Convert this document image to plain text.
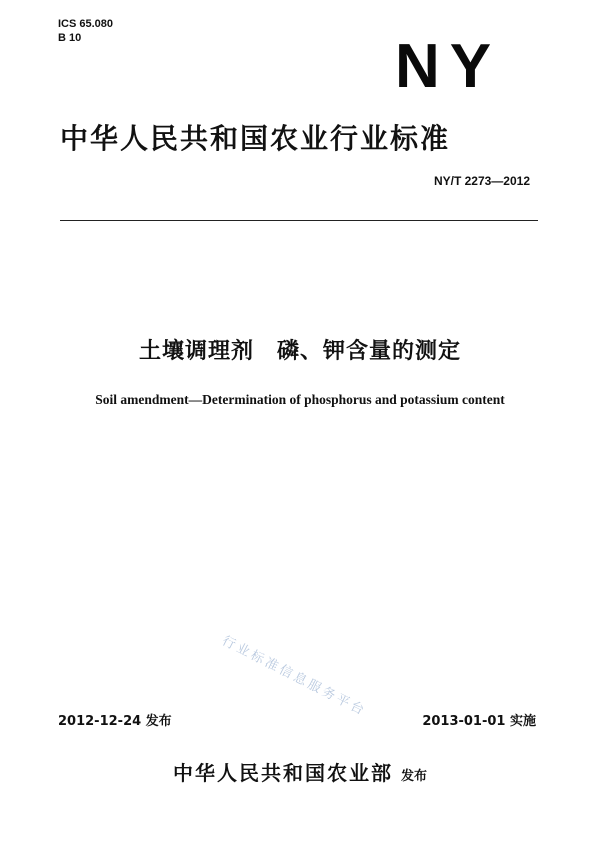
ICS 65.080
B 10	NY
中华人民共和国农业行业标准
NY/T 2273—2012
土壤调理剂　磷、钾含量的测定
Soil amendment—Determination of phosphorus and potassium content
行业标准信息服务平台
2012-12-24 发布	2013-01-01 实施
中华人民共和国农业部 发布
